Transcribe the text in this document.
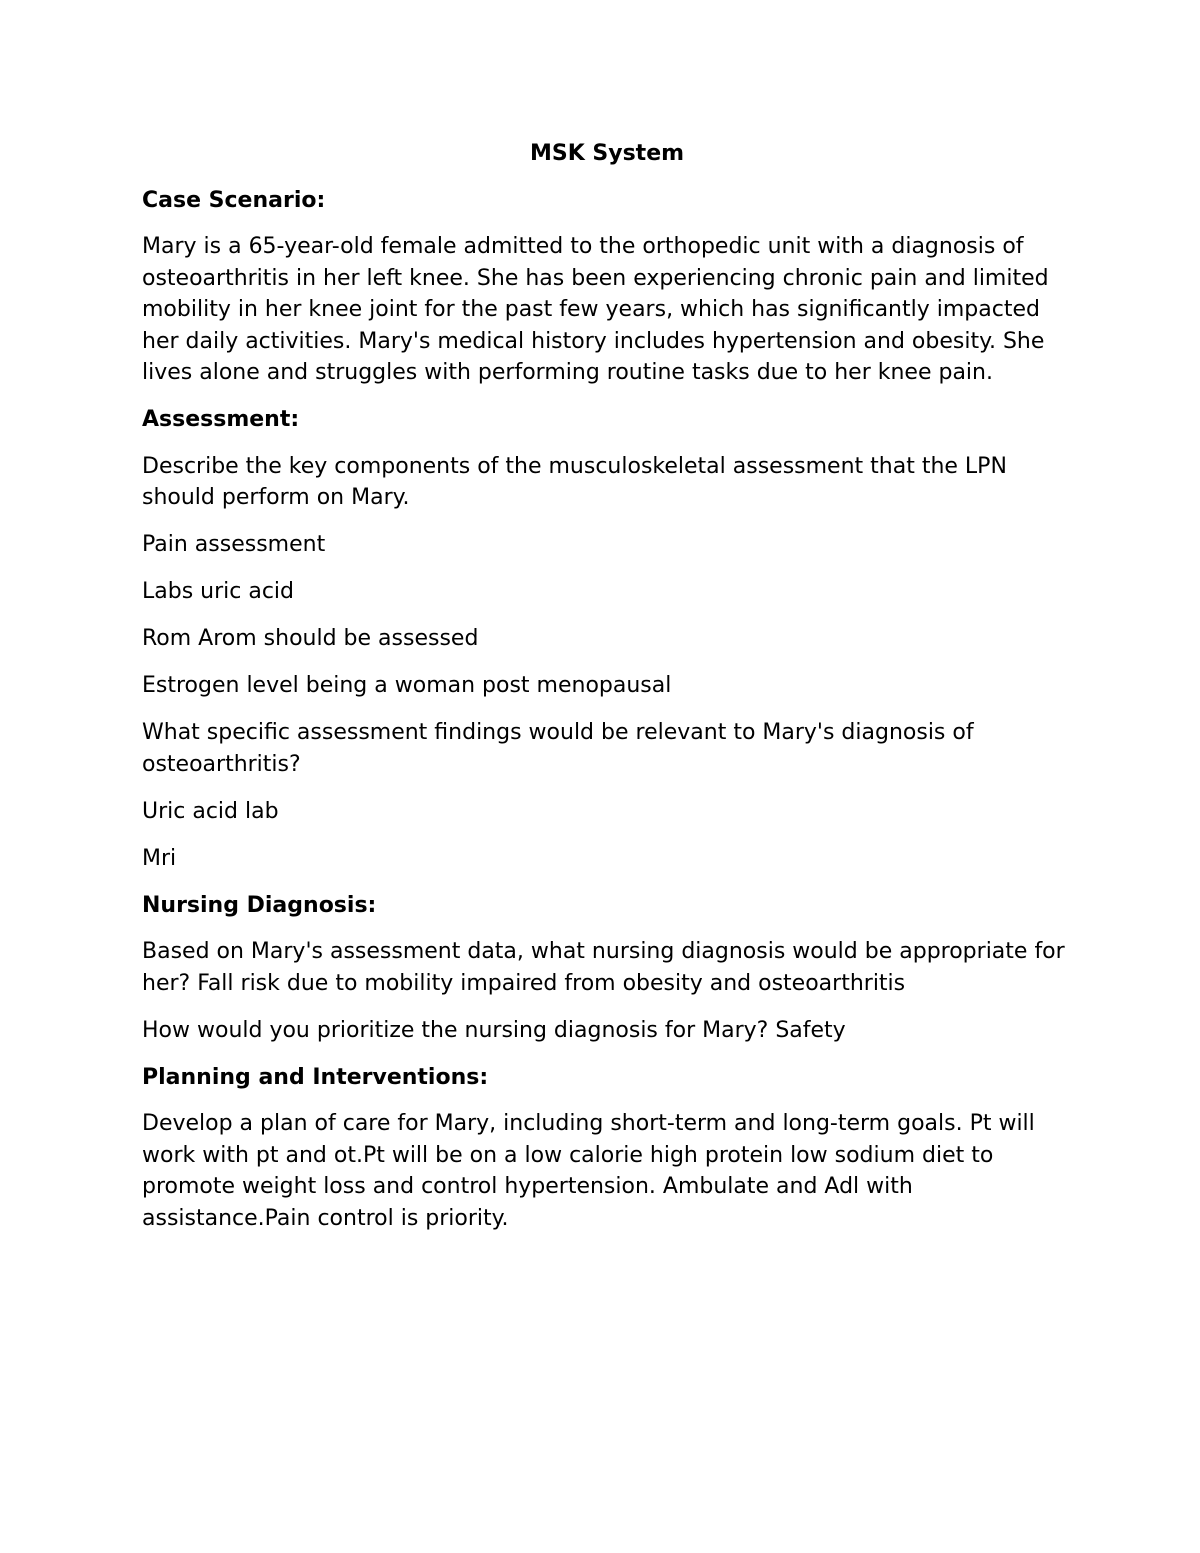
MSK System
Case Scenario:

Mary is a 65-year-old female admitted to the orthopedic unit with a diagnosis of osteoarthritis in her left knee. She has been experiencing chronic pain and limited mobility in her knee joint for the past few years, which has significantly impacted her daily activities. Mary's medical history includes hypertension and obesity. She lives alone and struggles with performing routine tasks due to her knee pain.

Assessment:

Describe the key components of the musculoskeletal assessment that the LPN should perform on Mary.

Pain assessment

Labs uric acid

Rom Arom should be assessed

Estrogen level being a woman post menopausal

What specific assessment findings would be relevant to Mary's diagnosis of osteoarthritis?

Uric acid lab

Mri

Nursing Diagnosis:

Based on Mary's assessment data, what nursing diagnosis would be appropriate for her? Fall risk due to mobility impaired from obesity and osteoarthritis

How would you prioritize the nursing diagnosis for Mary? Safety

Planning and Interventions:

Develop a plan of care for Mary, including short-term and long-term goals. Pt will work with pt and ot.Pt will be on a low calorie high protein low sodium diet to promote weight loss and control hypertension. Ambulate and Adl with assistance.Pain control is priority.
